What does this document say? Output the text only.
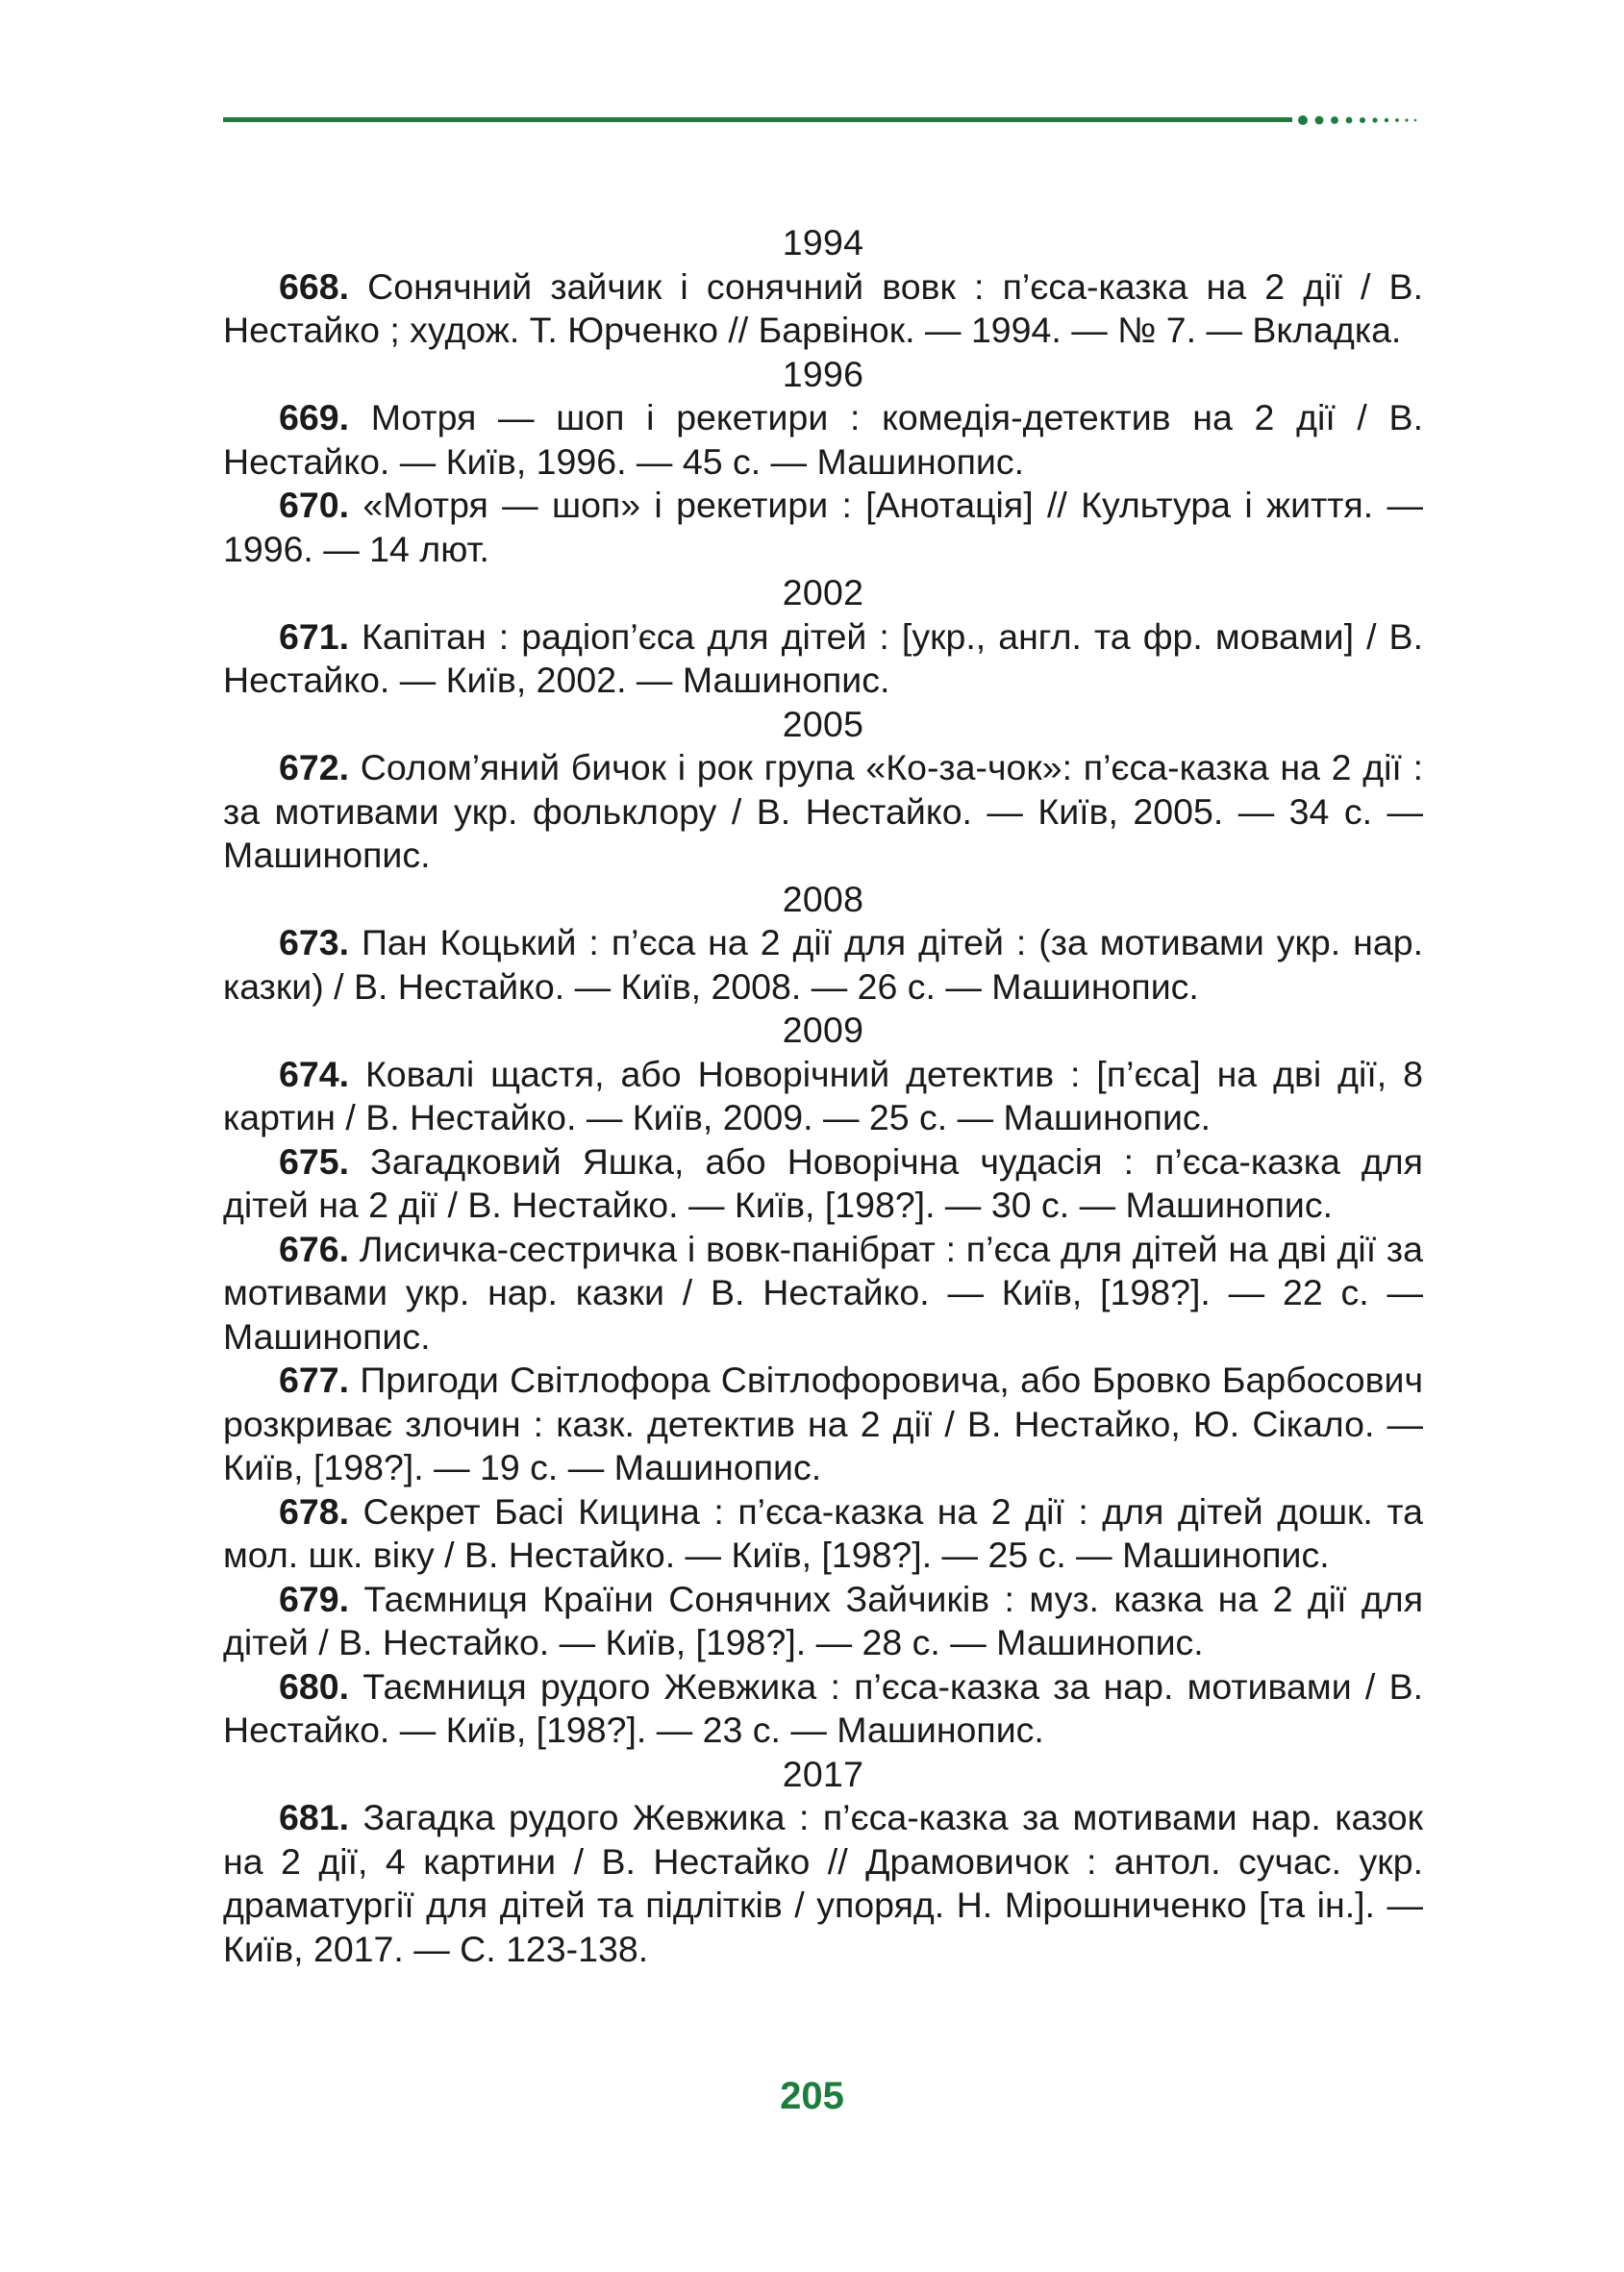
1994

668. Сонячний зайчик і сонячний вовк : п’єса-казка на 2 дії / В. Нестайко ; худож. Т. Юрченко // Барвінок. — 1994. — № 7. — Вкладка.

1996

669. Мотря — шоп і рекетири : комедія-детектив на 2 дії / В. Нестайко. — Київ, 1996. — 45 с. — Машинопис.

670. «Мотря — шоп» і рекетири : [Анотація] // Культура і життя. — 1996. — 14 лют.

2002

671. Капітан : радіоп’єса для дітей : [укр., англ. та фр. мовами] / В. Нестайко. — Київ, 2002. — Машинопис.

2005

672. Солом’яний бичок і рок група «Ко-за-чок»: п’єса-казка на 2 дії : за мотивами укр. фольклору / В. Нестайко. — Київ, 2005. — 34 с. — Машинопис.

2008

673. Пан Коцький : п’єса на 2 дії для дітей : (за мотивами укр. нар. казки) / В. Нестайко. — Київ, 2008. — 26 с. — Машинопис.

2009

674. Ковалі щастя, або Новорічний детектив : [п’єса] на дві дії, 8 картин / В. Нестайко. — Київ, 2009. — 25 с. — Машинопис.

675. Загадковий Яшка, або Новорічна чудасія : п’єса-казка для дітей на 2 дії / В. Нестайко. — Київ, [198?]. — 30 с. — Машинопис.

676. Лисичка-сестричка і вовк-панібрат : п’єса для дітей на дві дії за мотивами укр. нар. казки / В. Нестайко. — Київ, [198?]. — 22 с. — Машинопис.

677. Пригоди Світлофора Світлофоровича, або Бровко Барбосович розкриває злочин : казк. детектив на 2 дії / В. Нестайко, Ю. Сікало. — Київ, [198?]. — 19 с. — Машинопис.

678. Секрет Басі Кицина : п’єса-казка на 2 дії : для дітей дошк. та мол. шк. віку / В. Нестайко. — Київ, [198?]. — 25 с. — Машинопис.

679. Таємниця Країни Сонячних Зайчиків : муз. казка на 2 дії для дітей / В. Нестайко. — Київ, [198?]. — 28 с. — Машинопис.

680. Таємниця рудого Жевжика : п’єса-казка за нар. мотивами / В. Нестайко. — Київ, [198?]. — 23 с. — Машинопис.

2017

681. Загадка рудого Жевжика : п’єса-казка за мотивами нар. казок на 2 дії, 4 картини / В. Нестайко // Драмовичок : антол. сучас. укр. драматургії для дітей та підлітків / упоряд. Н. Мірошниченко [та ін.]. — Київ, 2017. — С. 123-138.

205
